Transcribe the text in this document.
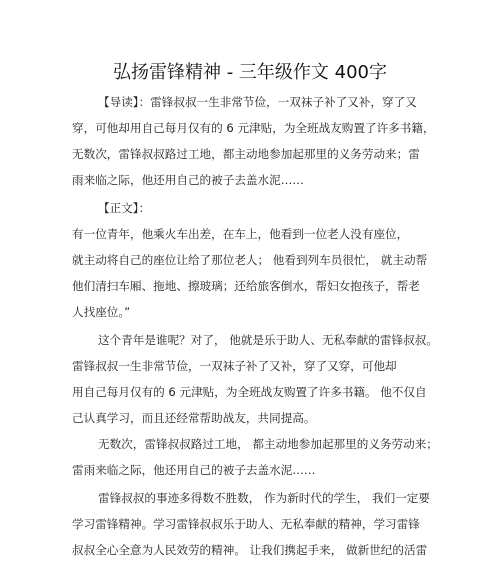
弘扬雷锋精神 - 三年级作文 400字
【导读】：雷锋叔叔一生非常节俭，一双袜子补了又补，穿了又
穿，可他却用自己每月仅有的 6 元津贴，为全班战友购置了许多书籍，
无数次，雷锋叔叔路过工地，都主动地参加起那里的义务劳动来；雷
雨来临之际，他还用自己的被子去盖水泥……
【正文】：
有一位青年，他乘火车出差，在车上，他看到一位老人没有座位，
就主动将自己的座位让给了那位老人； 他看到列车员很忙， 就主动帮
他们清扫车厢、拖地、擦玻璃；还给旅客倒水，帮妇女抱孩子，帮老
人找座位。”
这个青年是谁呢？对了， 他就是乐于助人、无私奉献的雷锋叔叔。
雷锋叔叔一生非常节俭，一双袜子补了又补，穿了又穿，可他却
用自己每月仅有的 6 元津贴，为全班战友购置了许多书籍。 他不仅自
己认真学习，而且还经常帮助战友，共同提高。
无数次，雷锋叔叔路过工地， 都主动地参加起那里的义务劳动来；
雷雨来临之际，他还用自己的被子去盖水泥……
雷锋叔叔的事迹多得数不胜数， 作为新时代的学生， 我们一定要
学习雷锋精神。学习雷锋叔叔乐于助人、无私奉献的精神，学习雷锋
叔叔全心全意为人民效劳的精神。 让我们携起手来， 做新世纪的活雷
